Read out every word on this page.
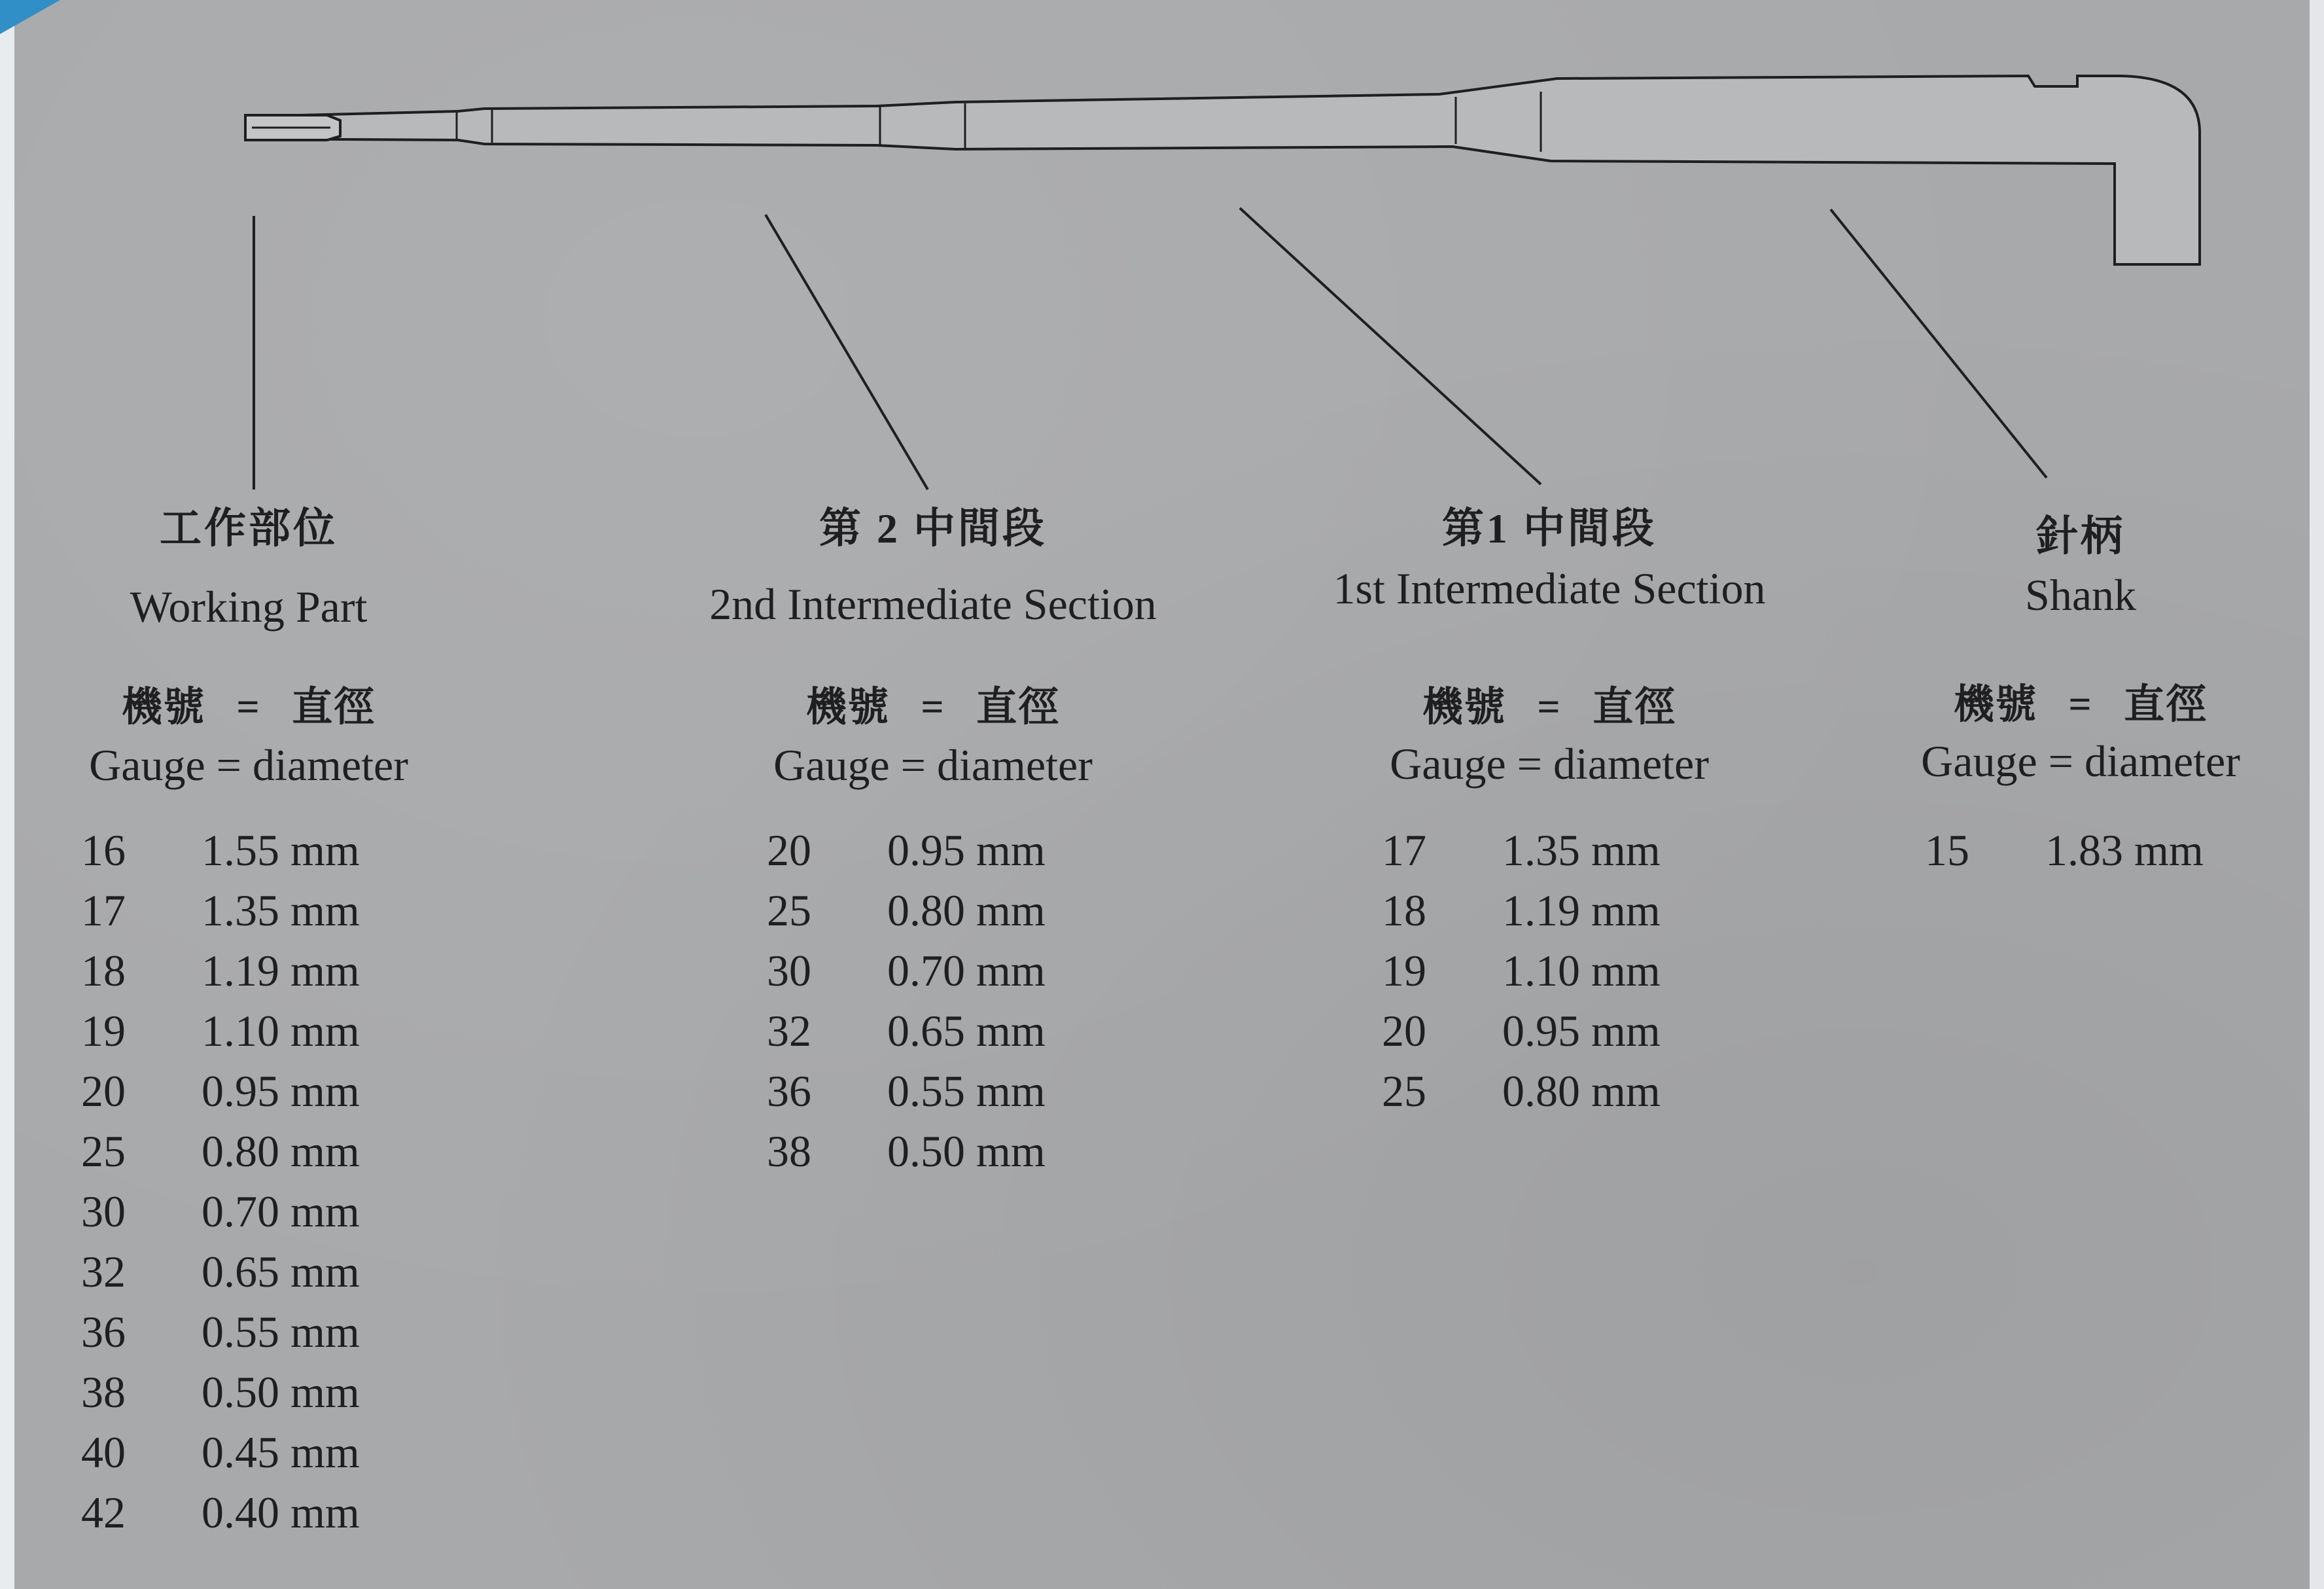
工作部位
Working Part
機號 = 直徑
Gauge = diameter
16	1.55 mm
17	1.35 mm
18	1.19 mm
19	1.10 mm
20	0.95 mm
25	0.80 mm
30	0.70 mm
32	0.65 mm
36	0.55 mm
38	0.50 mm
40	0.45 mm
42	0.40 mm
第 2 中間段
2nd Intermediate Section
機號 = 直徑
Gauge = diameter
20	0.95 mm
25	0.80 mm
30	0.70 mm
32	0.65 mm
36	0.55 mm
38	0.50 mm
第1 中間段
1st Intermediate Section
機號 = 直徑
Gauge = diameter
17	1.35 mm
18	1.19 mm
19	1.10 mm
20	0.95 mm
25	0.80 mm
針柄
Shank
機號 = 直徑
Gauge = diameter
15	1.83 mm
